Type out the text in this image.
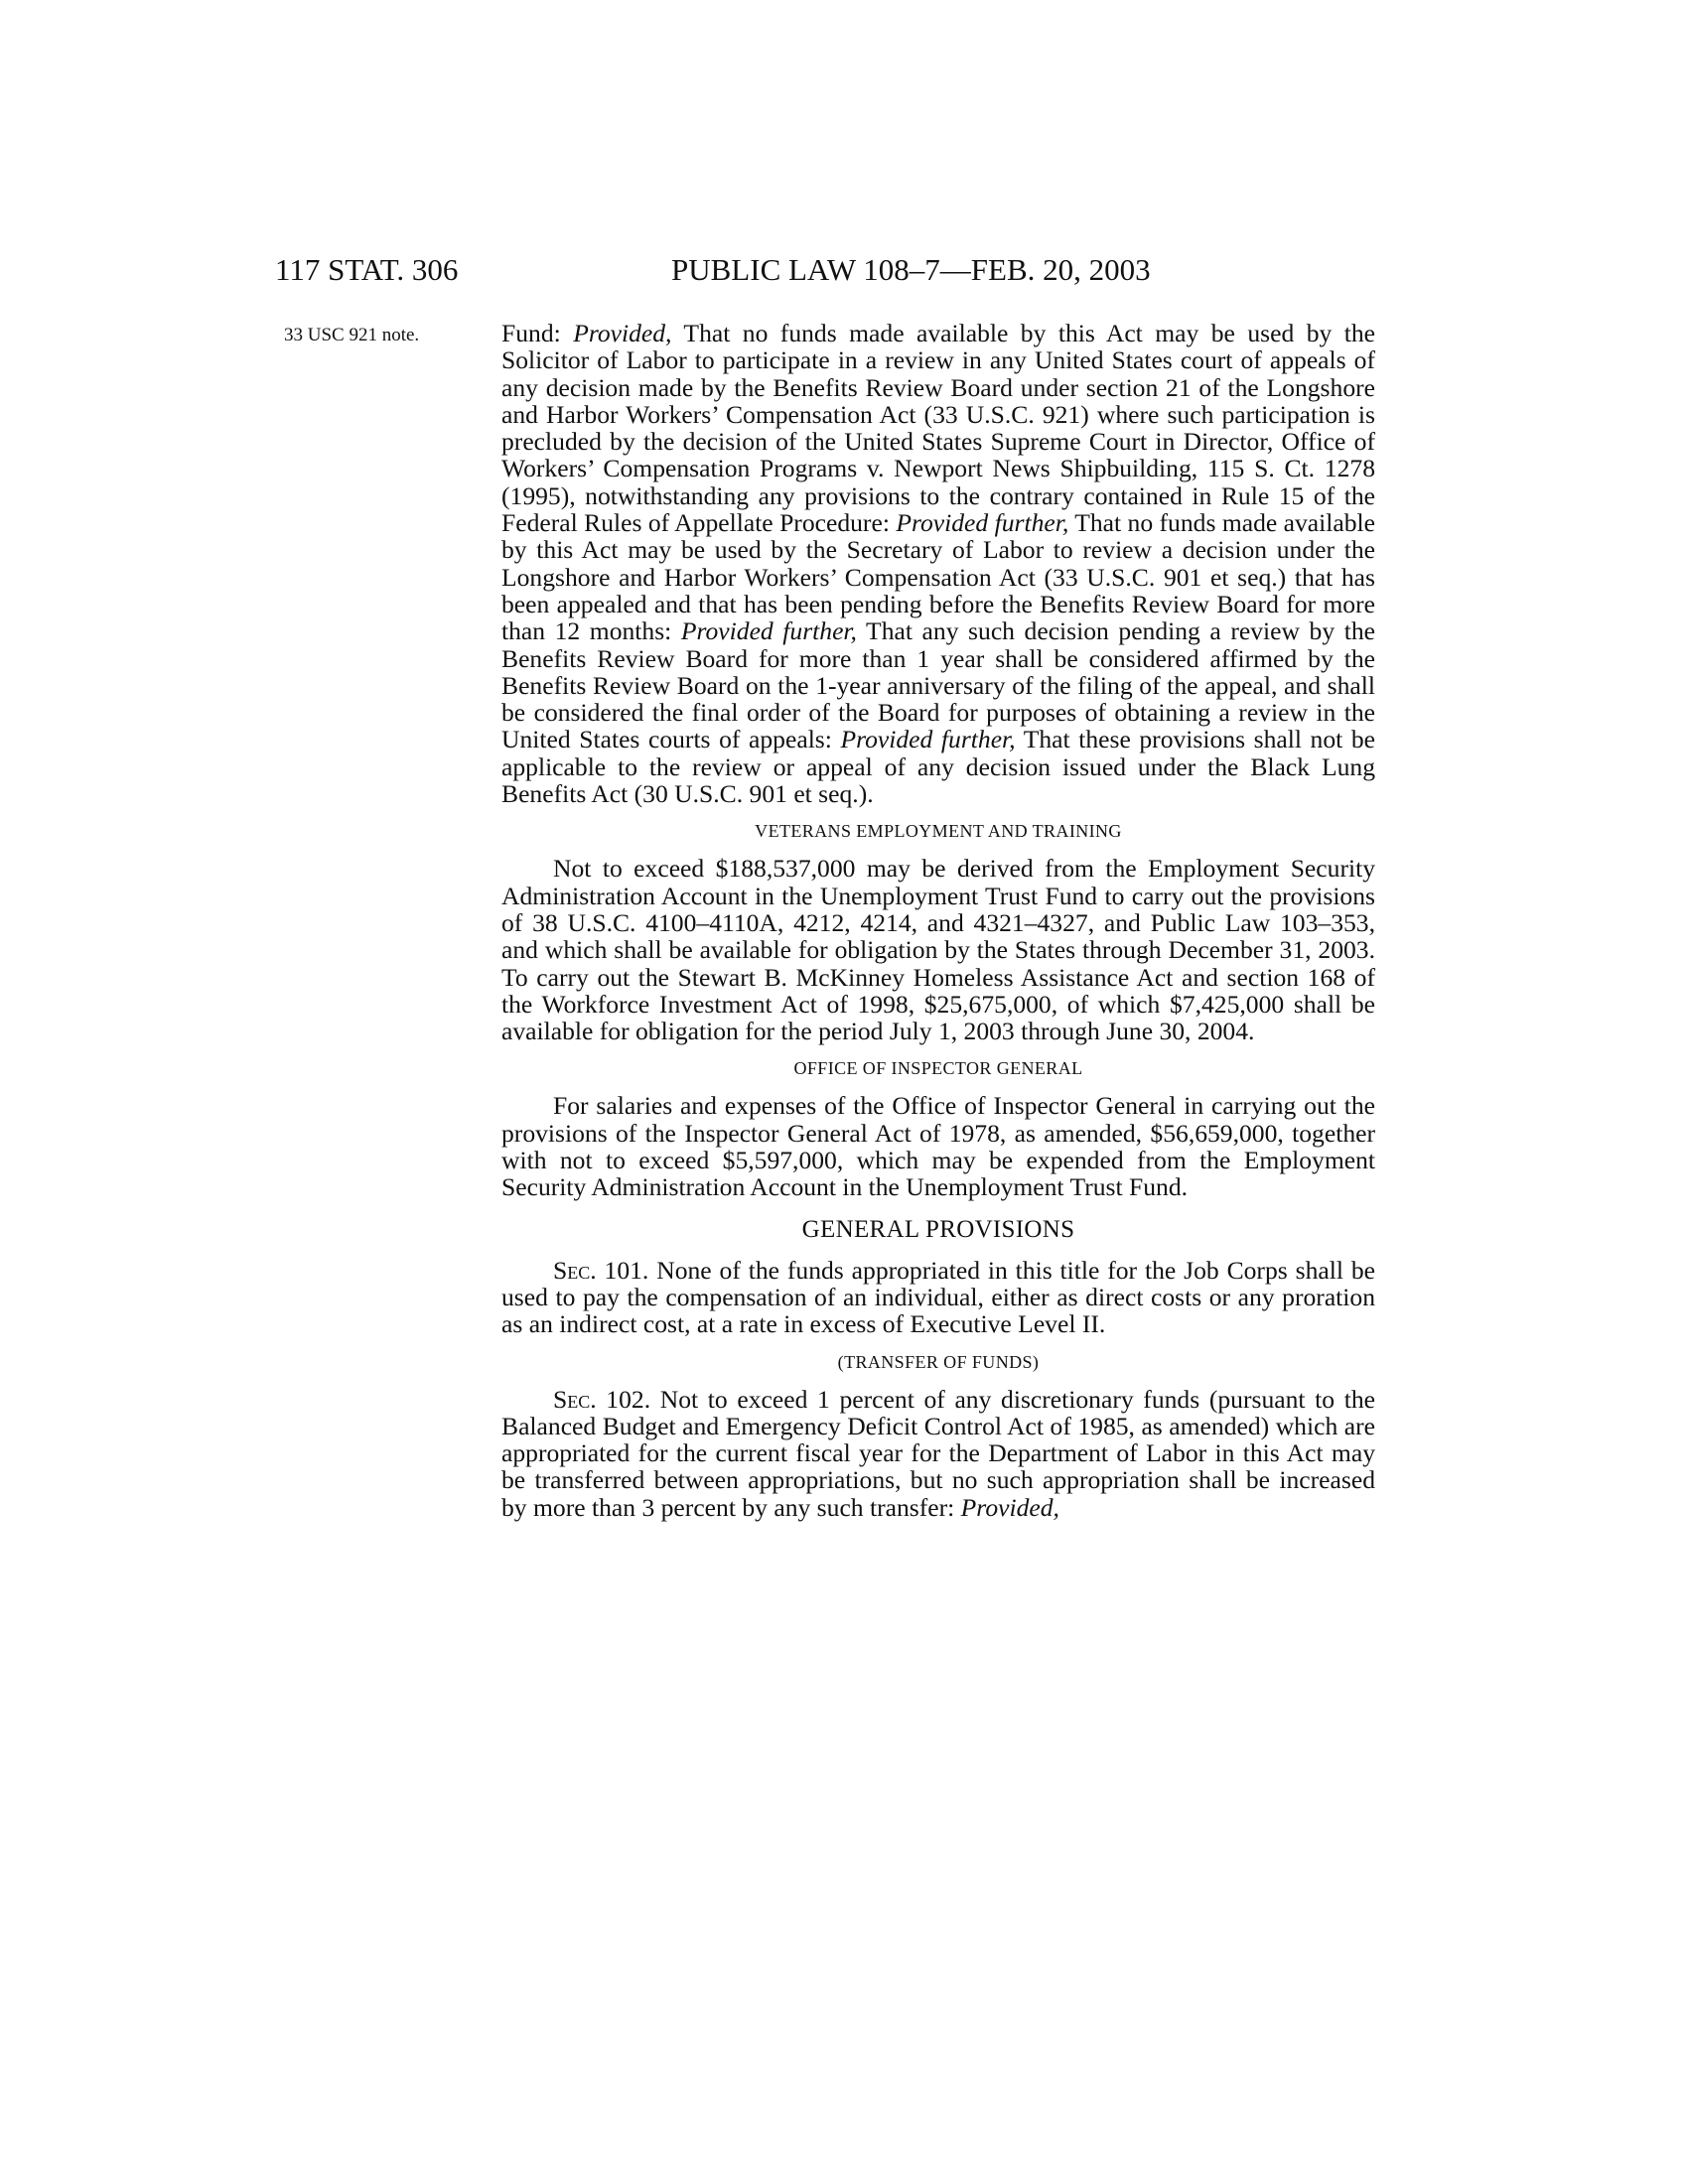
117 STAT. 306	PUBLIC LAW 108–7—FEB. 20, 2003
33 USC 921 note.	Fund: Provided, That no funds made available by this Act may be used by the Solicitor of Labor to participate in a review in any United States court of appeals of any decision made by the Benefits Review Board under section 21 of the Longshore and Harbor Workers’ Compensation Act (33 U.S.C. 921) where such participation is precluded by the decision of the United States Supreme Court in Director, Office of Workers’ Compensation Programs v. Newport News Shipbuilding, 115 S. Ct. 1278 (1995), notwithstanding any provisions to the contrary contained in Rule 15 of the Federal Rules of Appellate Procedure: Provided further, That no funds made available by this Act may be used by the Secretary of Labor to review a decision under the Longshore and Harbor Workers’ Compensation Act (33 U.S.C. 901 et seq.) that has been appealed and that has been pending before the Benefits Review Board for more than 12 months: Provided further, That any such decision pending a review by the Benefits Review Board for more than 1 year shall be considered affirmed by the Benefits Review Board on the 1-year anniversary of the filing of the appeal, and shall be considered the final order of the Board for purposes of obtaining a review in the United States courts of appeals: Provided further, That these provisions shall not be applicable to the review or appeal of any decision issued under the Black Lung Benefits Act (30 U.S.C. 901 et seq.).

VETERANS EMPLOYMENT AND TRAINING

Not to exceed $188,537,000 may be derived from the Employment Security Administration Account in the Unemployment Trust Fund to carry out the provisions of 38 U.S.C. 4100–4110A, 4212, 4214, and 4321–4327, and Public Law 103–353, and which shall be available for obligation by the States through December 31, 2003. To carry out the Stewart B. McKinney Homeless Assistance Act and section 168 of the Workforce Investment Act of 1998, $25,675,000, of which $7,425,000 shall be available for obligation for the period July 1, 2003 through June 30, 2004.

OFFICE OF INSPECTOR GENERAL

For salaries and expenses of the Office of Inspector General in carrying out the provisions of the Inspector General Act of 1978, as amended, $56,659,000, together with not to exceed $5,597,000, which may be expended from the Employment Security Administration Account in the Unemployment Trust Fund.

GENERAL PROVISIONS

Sec. 101. None of the funds appropriated in this title for the Job Corps shall be used to pay the compensation of an individual, either as direct costs or any proration as an indirect cost, at a rate in excess of Executive Level II.

(TRANSFER OF FUNDS)

Sec. 102. Not to exceed 1 percent of any discretionary funds (pursuant to the Balanced Budget and Emergency Deficit Control Act of 1985, as amended) which are appropriated for the current fiscal year for the Department of Labor in this Act may be transferred between appropriations, but no such appropriation shall be increased by more than 3 percent by any such transfer: Provided,
